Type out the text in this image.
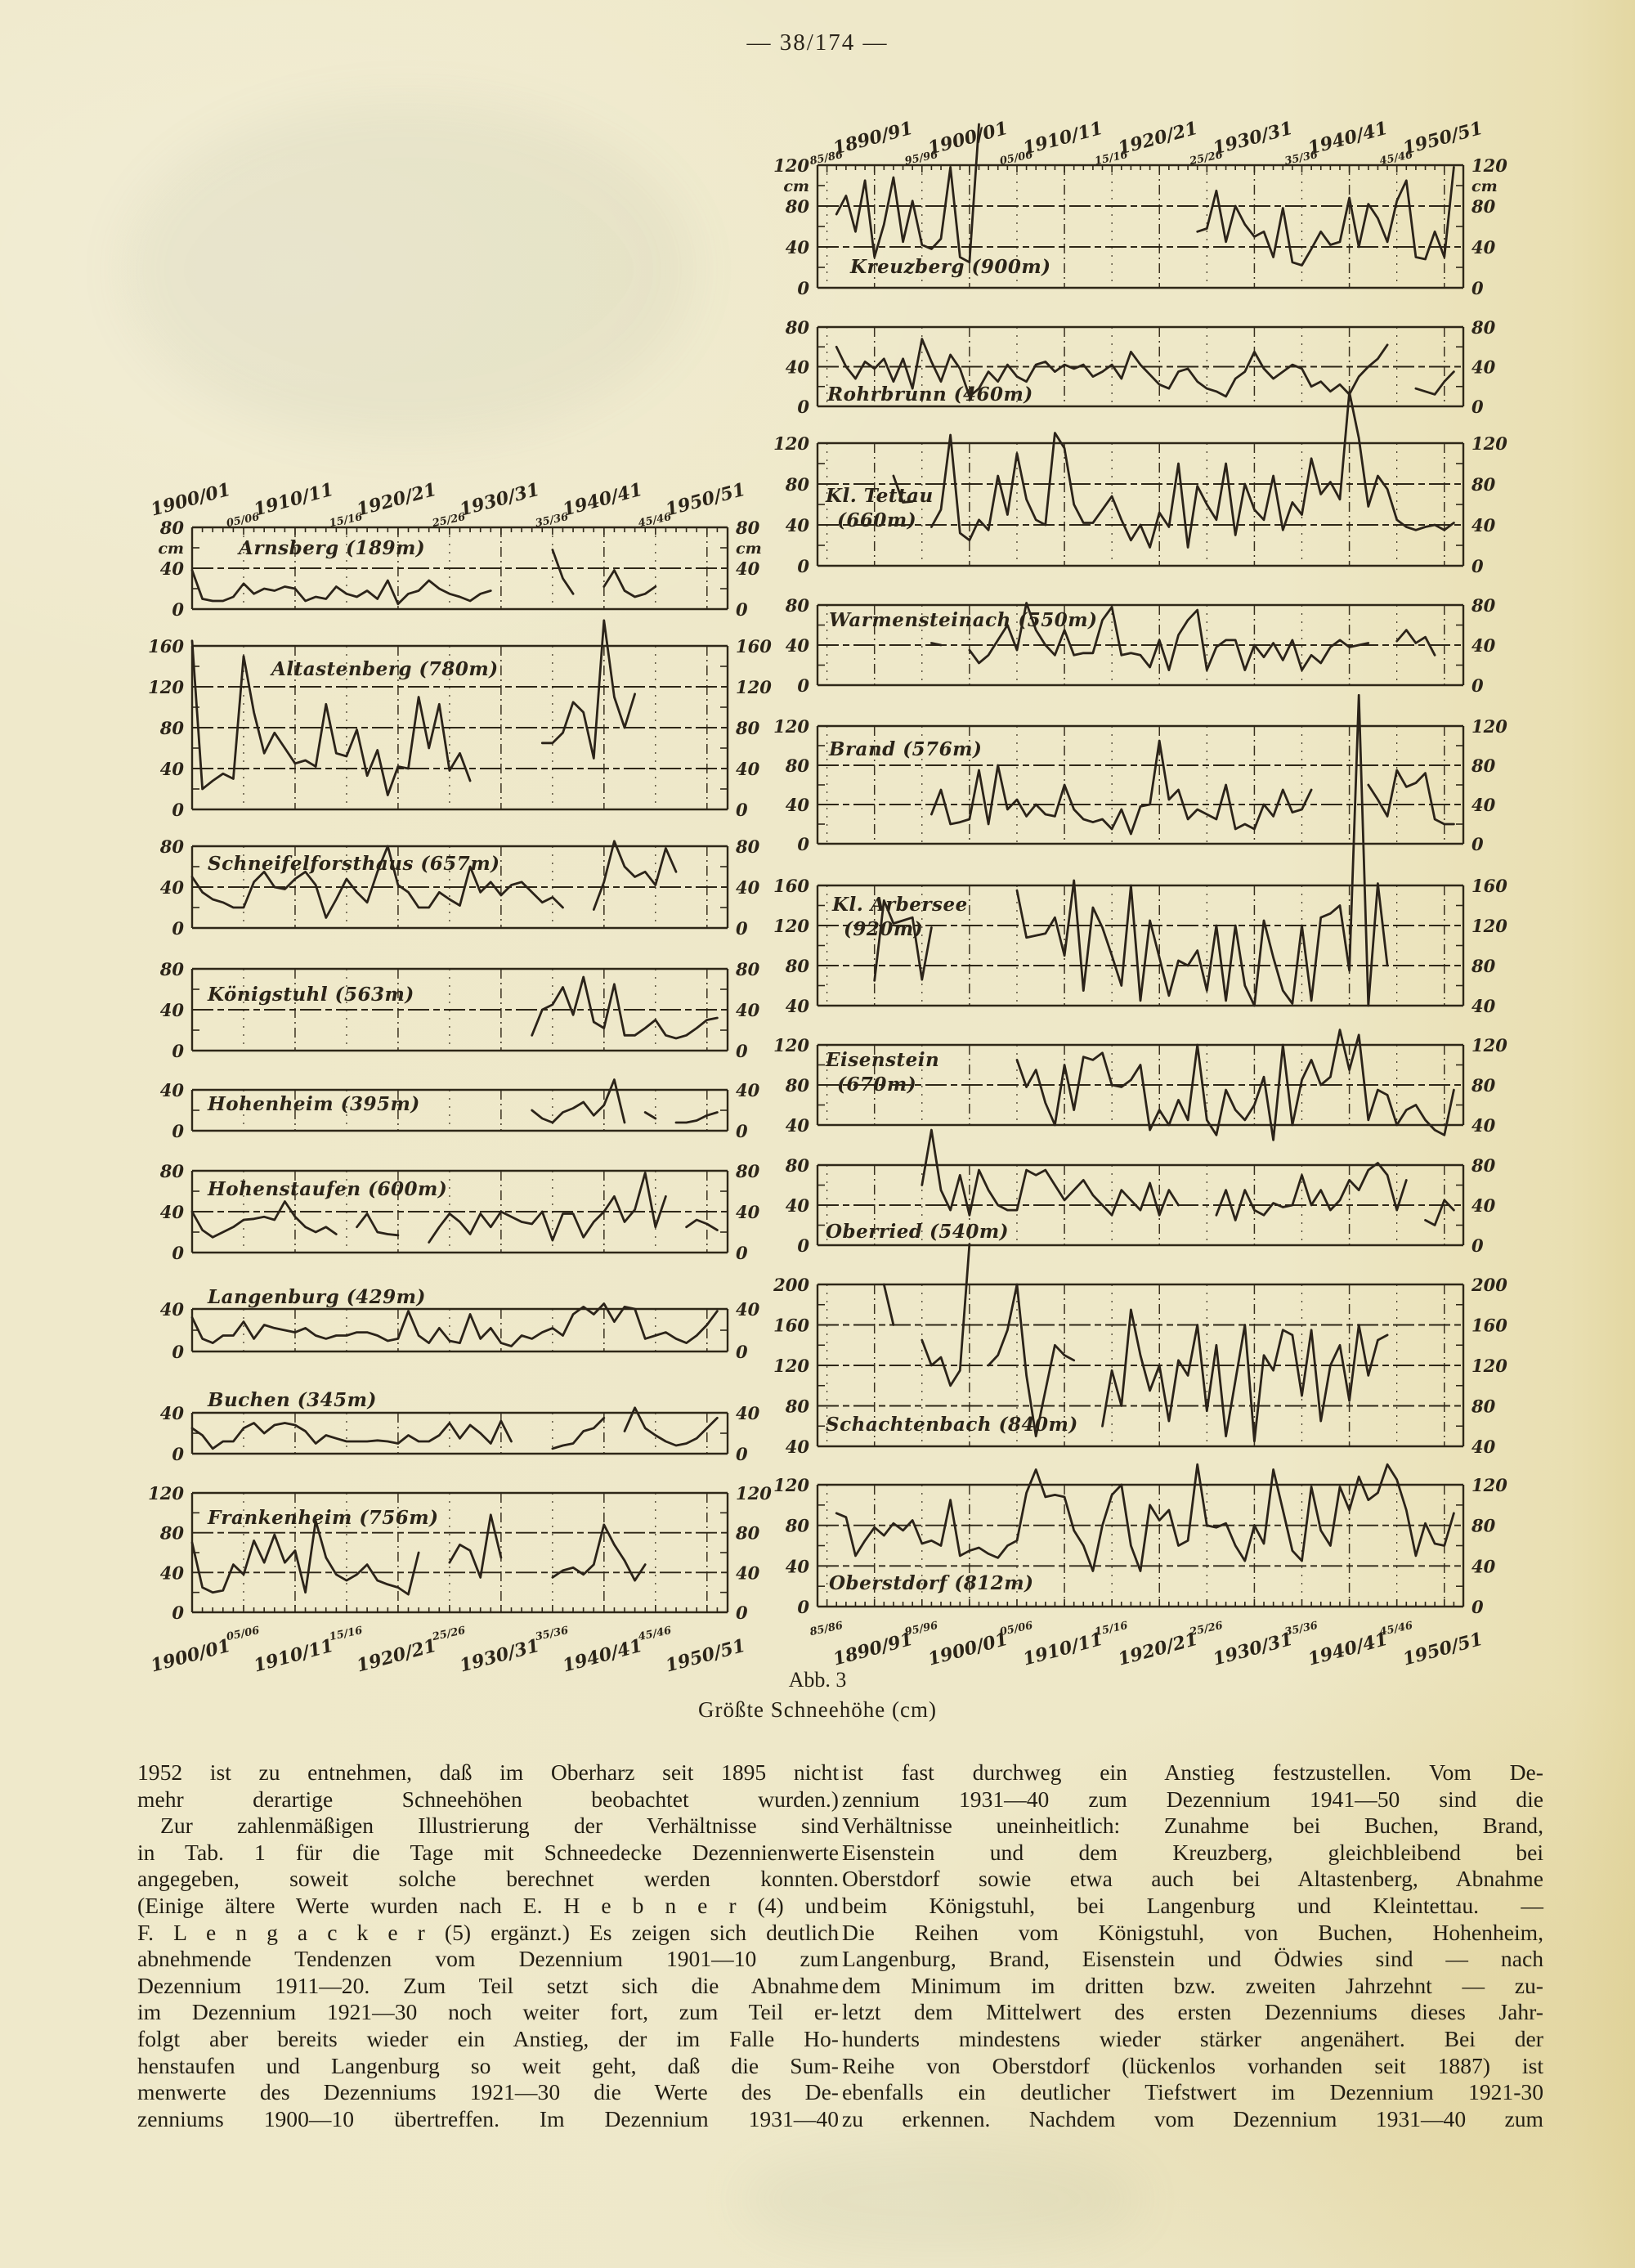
— 38/174 —
0	0
40	40
80	80
cm	cm
Arnsberg (189m)
0	0
40	40
80	80
120	120
160	160
Altastenberg (780m)
0	0
40	40
80	80
Schneifelforsthaus (657m)
0	0
40	40
80	80
Königstuhl (563m)
0	0
40	40
Hohenheim (395m)
0	0
40	40
80	80
Hohenstaufen (600m)
0	0
40	40
Langenburg (429m)
0	0
40	40
Buchen (345m)
0	0
40	40
80	80
120	120
Frankenheim (756m)
1900/01
1900/01
1910/11
1910/11
1920/21
1920/21
1930/31
1930/31
1940/41
1940/41
1950/51
1950/51
05/06
05/06
15/16
15/16
25/26
25/26
35/36
35/36
45/46
45/46
0	0
40	40
80	80
120	120
cm	cm
Kreuzberg (900m)
0	0
40	40
80	80
Rohrbrunn (460m)
0	0
40	40
80	80
120	120
Kl. Tettau
(660m)
0	0
40	40
80	80
Warmensteinach (550m)
0	0
40	40
80	80
120	120
Brand (576m)
40	40
80	80
120	120
160	160
Kl. Arbersee
(920m)
40	40
80	80
120	120
Eisenstein
(670m)
0	0
40	40
80	80
Oberried (540m)
40	40
80	80
120	120
160	160
200	200
Schachtenbach (840m)
0	0
40	40
80	80
120	120
Oberstdorf (812m)
1890/91
1890/91
1900/01
1900/01
1910/11
1910/11
1920/21
1920/21
1930/31
1930/31
1940/41
1940/41
1950/51
1950/51
85/86
85/86
95/96
95/96
05/06
05/06
15/16
15/16
25/26
25/26
35/36
35/36
45/46
45/46
Abb. 3
Größte Schneehöhe (cm)
1952 ist zu entnehmen, daß im Oberharz seit 1895 nicht
mehr derartige Schneehöhen beobachtet wurden.)
Zur zahlenmäßigen Illustrierung der Verhältnisse sind
in Tab. 1 für die Tage mit Schneedecke Dezennienwerte
angegeben, soweit solche berechnet werden konnten.
(Einige ältere Werte wurden nach E. H e b n e r (4) und
F. L e n g a c k e r (5) ergänzt.) Es zeigen sich deutlich
abnehmende Tendenzen vom Dezennium 1901—10 zum
Dezennium 1911—20. Zum Teil setzt sich die Abnahme
im Dezennium 1921—30 noch weiter fort, zum Teil er-
folgt aber bereits wieder ein Anstieg, der im Falle Ho-
henstaufen und Langenburg so weit geht, daß die Sum-
menwerte des Dezenniums 1921—30 die Werte des De-
zenniums 1900—10 übertreffen. Im Dezennium 1931—40
ist fast durchweg ein Anstieg festzustellen. Vom De-
zennium 1931—40 zum Dezennium 1941—50 sind die
Verhältnisse uneinheitlich: Zunahme bei Buchen, Brand,
Eisenstein und dem Kreuzberg, gleichbleibend bei
Oberstdorf sowie etwa auch bei Altastenberg, Abnahme
beim Königstuhl, bei Langenburg und Kleintettau. —
Die Reihen vom Königstuhl, von Buchen, Hohenheim,
Langenburg, Brand, Eisenstein und Ödwies sind — nach
dem Minimum im dritten bzw. zweiten Jahrzehnt — zu-
letzt dem Mittelwert des ersten Dezenniums dieses Jahr-
hunderts mindestens wieder stärker angenähert. Bei der
Reihe von Oberstdorf (lückenlos vorhanden seit 1887) ist
ebenfalls ein deutlicher Tiefstwert im Dezennium 1921-30
zu erkennen. Nachdem vom Dezennium 1931—40 zum
